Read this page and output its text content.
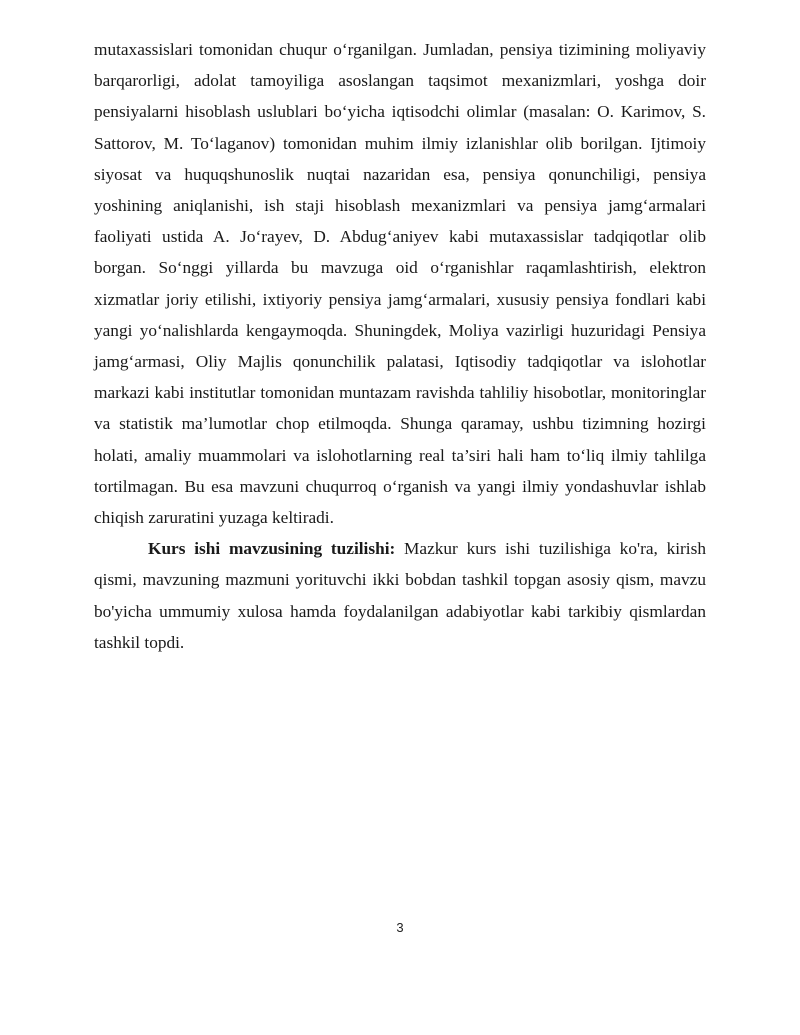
mutaxassislari tomonidan chuqur o‘rganilgan. Jumladan, pensiya tizimining moliyaviy barqarorligi, adolat tamoyiliga asoslangan taqsimot mexanizmlari, yoshga doir pensiyalarni hisoblash uslublari bo‘yicha iqtisodchi olimlar (masalan: O. Karimov, S. Sattorov, M. To‘laganov) tomonidan muhim ilmiy izlanishlar olib borilgan. Ijtimoiy siyosat va huquqshunoslik nuqtai nazaridan esa, pensiya qonunchiligi, pensiya yoshining aniqlanishi, ish staji hisoblash mexanizmlari va pensiya jamg‘armalari faoliyati ustida A. Jo‘rayev, D. Abdug‘aniyev kabi mutaxassislar tadqiqotlar olib borgan. So‘nggi yillarda bu mavzuga oid o‘rganishlar raqamlashtirish, elektron xizmatlar joriy etilishi, ixtiyoriy pensiya jamg‘armalari, xususiy pensiya fondlari kabi yangi yo‘nalishlarda kengaymoqda. Shuningdek, Moliya vazirligi huzuridagi Pensiya jamg‘armasi, Oliy Majlis qonunchilik palatasi, Iqtisodiy tadqiqotlar va islohotlar markazi kabi institutlar tomonidan muntazam ravishda tahliliy hisobotlar, monitoringlar va statistik ma’lumotlar chop etilmoqda. Shunga qaramay, ushbu tizimning hozirgi holati, amaliy muammolari va islohotlarning real ta’siri hali ham to‘liq ilmiy tahlilga tortilmagan. Bu esa mavzuni chuqurroq o‘rganish va yangi ilmiy yondashuvlar ishlab chiqish zaruratini yuzaga keltiradi.

Kurs ishi mavzusining tuzilishi: Mazkur kurs ishi tuzilishiga ko'ra, kirish qismi, mavzuning mazmuni yorituvchi ikki bobdan tashkil topgan asosiy qism, mavzu bo'yicha ummumiy xulosa hamda foydalanilgan adabiyotlar kabi tarkibiy qismlardan tashkil topdi.

3
